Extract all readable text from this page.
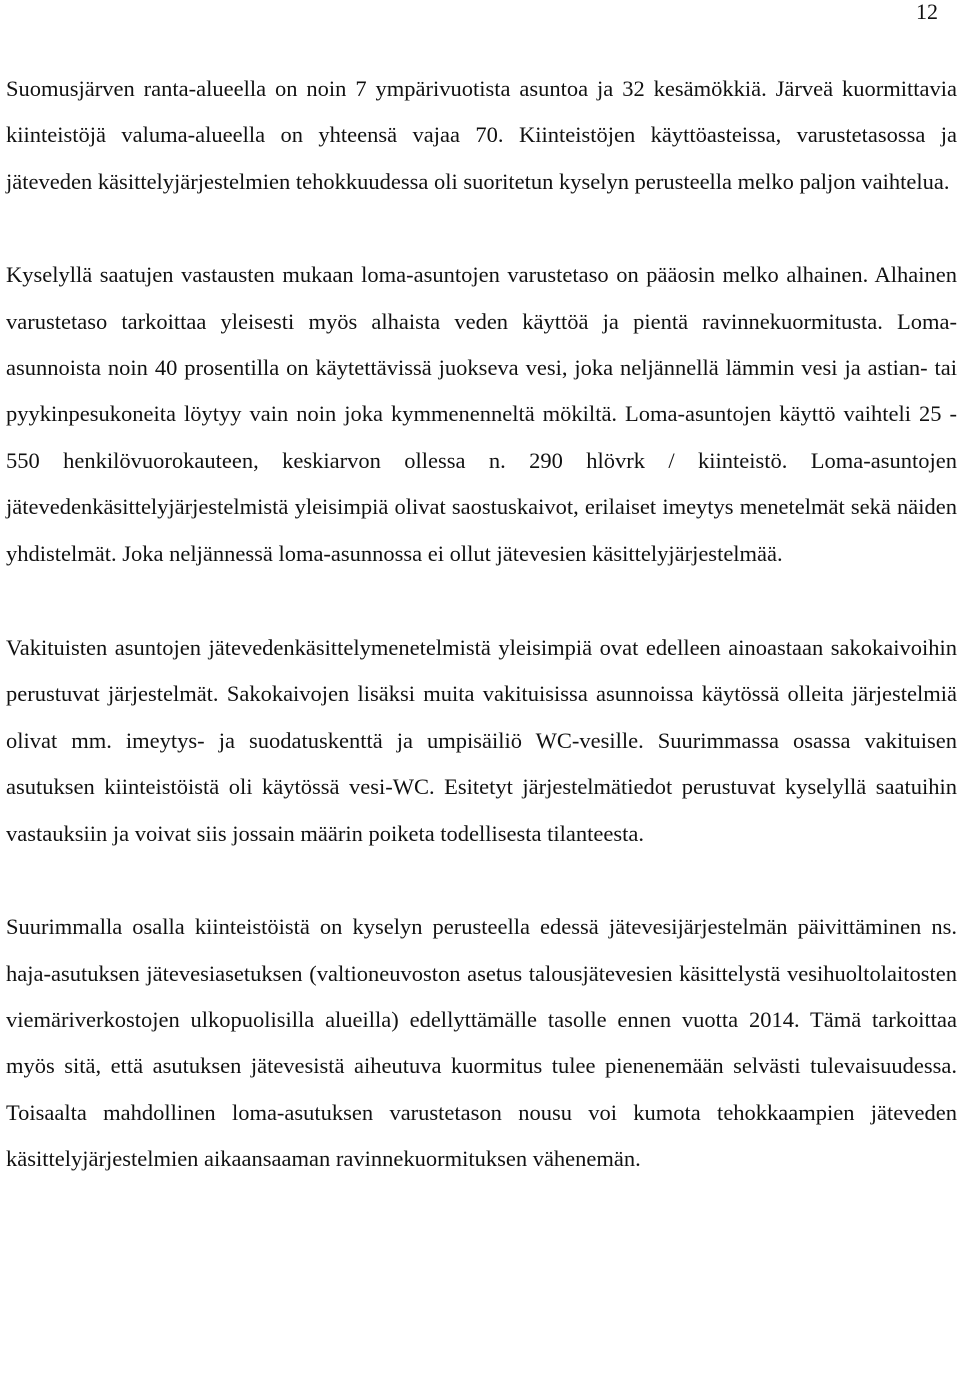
12

Suomusjärven ranta-alueella on noin 7 ympärivuotista asuntoa ja 32 kesämökkiä. Järveä kuormittavia kiinteistöjä valuma-alueella on yhteensä vajaa 70. Kiinteistöjen käyttöasteissa, varustetasossa ja jäteveden käsittelyjärjestelmien tehokkuudessa oli suoritetun kyselyn perusteella melko paljon vaihtelua.

Kyselyllä saatujen vastausten mukaan loma-asuntojen varustetaso on pääosin melko alhainen. Alhainen varustetaso tarkoittaa yleisesti myös alhaista veden käyttöä ja pientä ravinnekuormitusta. Loma-asunnoista noin 40 prosentilla on käytettävissä juokseva vesi, joka neljännellä lämmin vesi ja astian- tai pyykinpesukoneita löytyy vain noin joka kymmenenneltä mökiltä. Loma-asuntojen käyttö vaihteli 25 - 550 henkilövuorokauteen, keskiarvon ollessa n. 290 hlövrk / kiinteistö. Loma-asuntojen jätevedenkäsittelyjärjestelmistä yleisimpiä olivat saostuskaivot, erilaiset imeytys menetelmät sekä näiden yhdistelmät. Joka neljännessä loma-asunnossa ei ollut jätevesien käsittelyjärjestelmää.

Vakituisten asuntojen jätevedenkäsittelymenetelmistä yleisimpiä ovat edelleen ainoastaan sakokaivoihin perustuvat järjestelmät. Sakokaivojen lisäksi muita vakituisissa asunnoissa käytössä olleita järjestelmiä olivat mm. imeytys- ja suodatuskenttä ja umpisäiliö WC-vesille. Suurimmassa osassa vakituisen asutuksen kiinteistöistä oli käytössä vesi-WC. Esitetyt järjestelmätiedot perustuvat kyselyllä saatuihin vastauksiin ja voivat siis jossain määrin poiketa todellisesta tilanteesta.

Suurimmalla osalla kiinteistöistä on kyselyn perusteella edessä jätevesijärjestelmän päivittäminen ns. haja-asutuksen jätevesiasetuksen (valtioneuvoston asetus talousjätevesien käsittelystä vesihuoltolaitosten viemäriverkostojen ulkopuolisilla alueilla) edellyttämälle tasolle ennen vuotta 2014. Tämä tarkoittaa myös sitä, että asutuksen jätevesistä aiheutuva kuormitus tulee pienenemään selvästi tulevaisuudessa. Toisaalta mahdollinen loma-asutuksen varustetason nousu voi kumota tehokkaampien jäteveden käsittelyjärjestelmien aikaansaaman ravinnekuormituksen vähenemän.
